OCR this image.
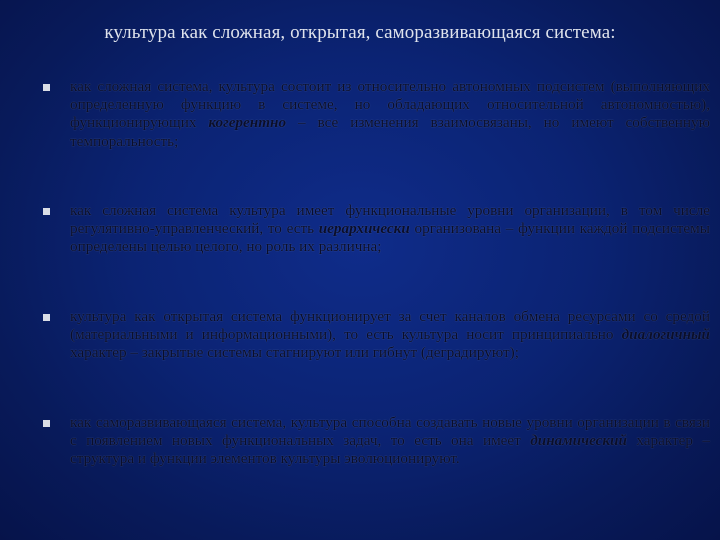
культура как сложная, открытая, саморазвивающаяся система:
как сложная система, культура состоит из относительно автономных подсистем (выполняющих определенную функцию в системе, но обладающих относительной автономностью), функционирующих когерентно – все изменения взаимосвязаны, но имеют собственную темпоральность;
как сложная система культура имеет функциональные уровни организации, в том числе регулятивно-управленческий, то есть иерархически организована – функции каждой подсистемы определены целью целого, но роль их различна;
культура как открытая система функционирует за счет каналов обмена ресурсами со средой (материальными и информационными), то есть культура носит принципиально диалогичный характер – закрытые системы стагнируют или гибнут (деградируют);
как саморазвивающаяся система, культура способна создавать новые уровни организации в связи с появлением новых функциональных задач, то есть она имеет динамический характер – структура и функции элементов культуры эволюционируют.
